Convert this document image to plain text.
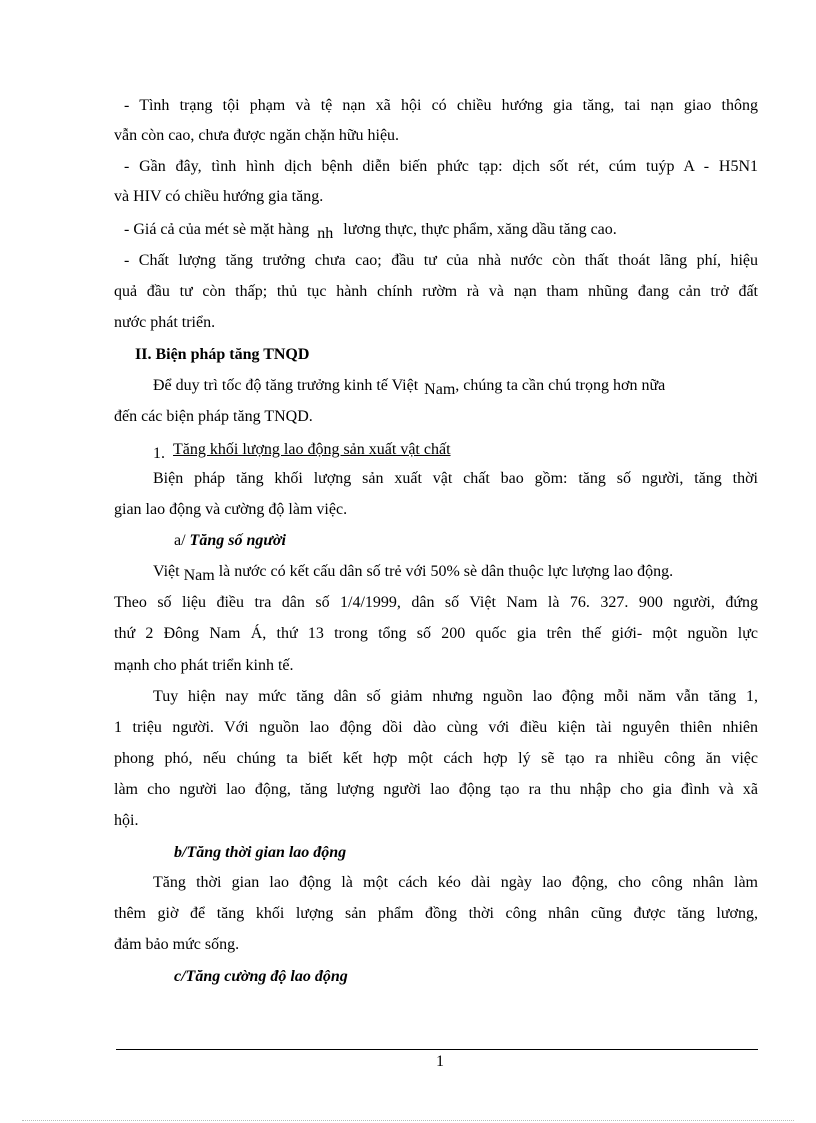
- Tình trạng tội phạm và tệ nạn xã hội có chiều hướng gia tăng, tai nạn giao thông
vẫn còn cao, chưa được ngăn chặn hữu hiệu.
- Gần đây, tình hình dịch bệnh diễn biến phức tạp: dịch sốt rét, cúm tuýp A - H5N1
và HIV có chiều hướng gia tăng.
- Giá cả của mét sè mặt hàng nh lương thực, thực phẩm, xăng dầu tăng cao.
- Chất lượng tăng trưởng chưa cao; đầu tư của nhà nước còn thất thoát lãng phí, hiệu
quả đầu tư còn thấp; thủ tục hành chính rườm rà và nạn tham nhũng đang cản trở đất
nước phát triển.
II. Biện pháp tăng TNQD
Để duy trì tốc độ tăng trưởng kinh tế Việt Nam, chúng ta cần chú trọng hơn nữa
đến các biện pháp tăng TNQD.
1. Tăng khối lượng lao động sản xuất vật chất
Biện pháp tăng khối lượng sản xuất vật chất bao gồm: tăng số người, tăng thời
gian lao động và cường độ làm việc.
a/ Tăng số người
Việt Nam là nước có kết cấu dân số trẻ với 50% sè dân thuộc lực lượng lao động.
Theo số liệu điều tra dân số 1/4/1999, dân số Việt Nam là 76. 327. 900 người, đứng
thứ 2 Đông Nam Á, thứ 13 trong tổng số 200 quốc gia trên thế giới- một nguồn lực
mạnh cho phát triển kinh tế.
Tuy hiện nay mức tăng dân số giảm nhưng nguồn lao động mỗi năm vẫn tăng 1,
1 triệu người. Với nguồn lao động dồi dào cùng với điều kiện tài nguyên thiên nhiên
phong phó, nếu chúng ta biết kết hợp một cách hợp lý sẽ tạo ra nhiều công ăn việc
làm cho người lao động, tăng lượng người lao động tạo ra thu nhập cho gia đình và xã
hội.
b/Tăng thời gian lao động
Tăng thời gian lao động là một cách kéo dài ngày lao động, cho công nhân làm
thêm giờ để tăng khối lượng sản phẩm đồng thời công nhân cũng được tăng lương,
đảm bảo mức sống.
c/Tăng cường độ lao động
1
